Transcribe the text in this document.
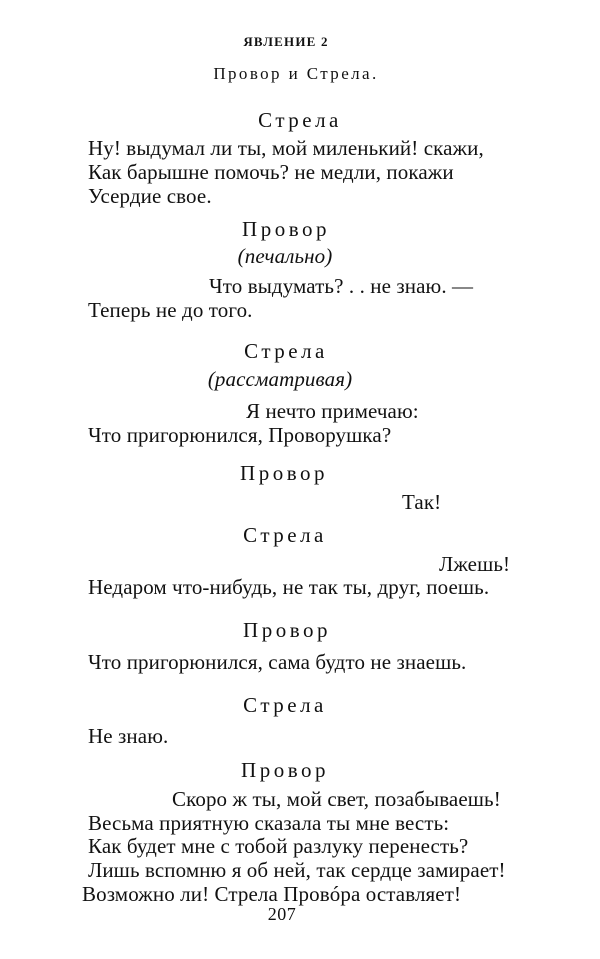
ЯВЛЕНИЕ 2
Провор и Стрела.
Стрела
Ну! выдумал ли ты, мой миленький! скажи,
Как барышне помочь? не медли, покажи
Усердие свое.
Провор
(печально)
Что выдумать? . . не знаю. —
Теперь не до того.
Стрела
(рассматривая)
Я нечто примечаю:
Что пригорюнился, Проворушка?
Провор
Так!
Стрела
Лжешь!
Недаром что-нибудь, не так ты, друг, поешь.
Провор
Что пригорюнился, сама будто не знаешь.
Стрела
Не знаю.
Провор
Скоро ж ты, мой свет, позабываешь!
Весьма приятную сказала ты мне весть:
Как будет мне с тобой разлуку перенесть?
Лишь вспомню я об ней, так сердце замирает!
Возможно ли! Стрела Провóра оставляет!
207
